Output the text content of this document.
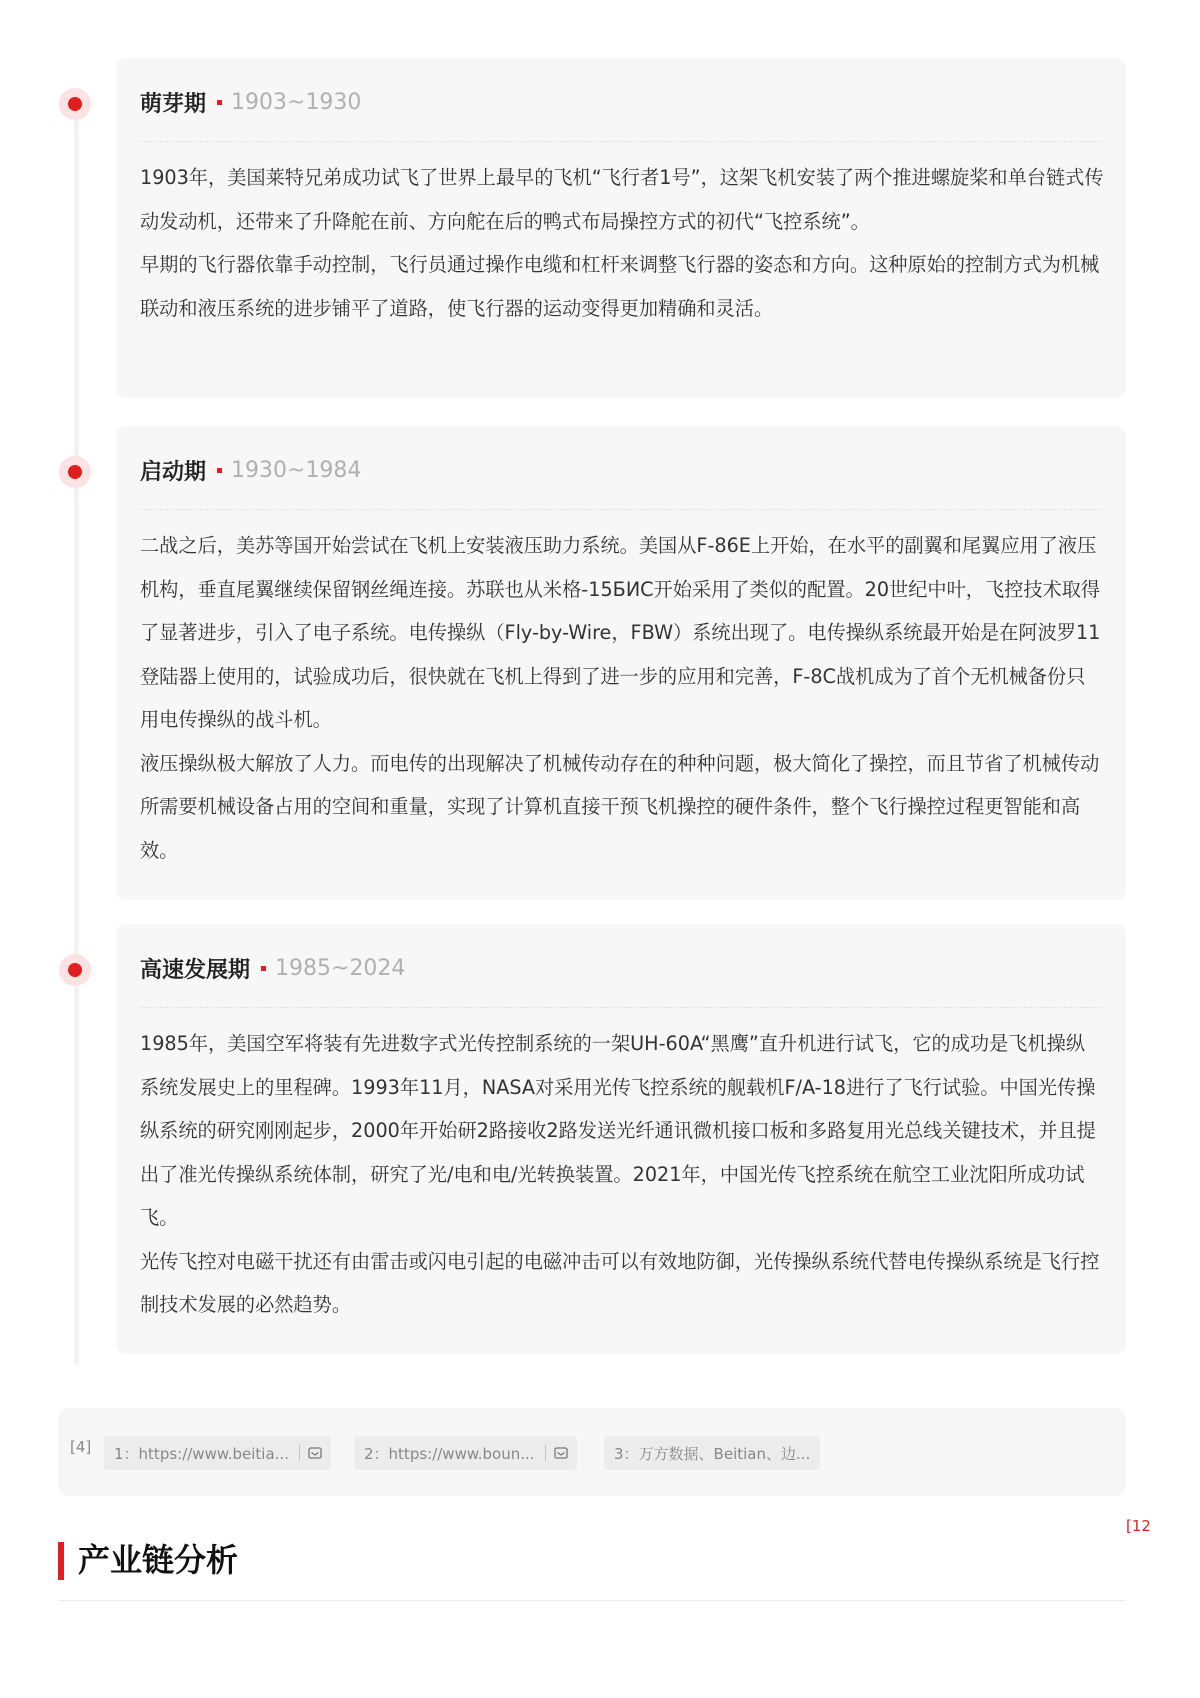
萌芽期 1903~1930

1903年，美国莱特兄弟成功试飞了世界上最早的飞机“飞行者1号”，这架飞机安装了两个推进螺旋桨和单台链式传动发动机，还带来了升降舵在前、方向舵在后的鸭式布局操控方式的初代“飞控系统”。

早期的飞行器依靠手动控制，飞行员通过操作电缆和杠杆来调整飞行器的姿态和方向。这种原始的控制方式为机械联动和液压系统的进步铺平了道路，使飞行器的运动变得更加精确和灵活。

启动期 1930~1984

二战之后，美苏等国开始尝试在飞机上安装液压助力系统。美国从F-86E上开始，在水平的副翼和尾翼应用了液压机构，垂直尾翼继续保留钢丝绳连接。苏联也从米格-15БИС开始采用了类似的配置。20世纪中叶，飞控技术取得了显著进步，引入了电子系统。电传操纵（Fly-by-Wire，FBW）系统出现了。电传操纵系统最开始是在阿波罗11登陆器上使用的，试验成功后，很快就在飞机上得到了进一步的应用和完善，F-8C战机成为了首个无机械备份只用电传操纵的战斗机。

液压操纵极大解放了人力。而电传的出现解决了机械传动存在的种种问题，极大简化了操控，而且节省了机械传动所需要机械设备占用的空间和重量，实现了计算机直接干预飞机操控的硬件条件，整个飞行操控过程更智能和高效。

高速发展期 1985~2024

1985年，美国空军将装有先进数字式光传控制系统的一架UH-60A“黑鹰”直升机进行试飞，它的成功是飞机操纵系统发展史上的里程碑。1993年11月，NASA对采用光传飞控系统的舰载机F/A-18进行了飞行试验。中国光传操纵系统的研究刚刚起步，2000年开始研2路接收2路发送光纤通讯微机接口板和多路复用光总线关键技术，并且提出了准光传操纵系统体制，研究了光/电和电/光转换装置。2021年，中国光传飞控系统在航空工业沈阳所成功试飞。

光传飞控对电磁干扰还有由雷击或闪电引起的电磁冲击可以有效地防御，光传操纵系统代替电传操纵系统是飞行控制技术发展的必然趋势。

[4]	1：https://www.beitia...	2：https://www.boun...	3：万方数据、Beitian、边...
[12
产业链分析
